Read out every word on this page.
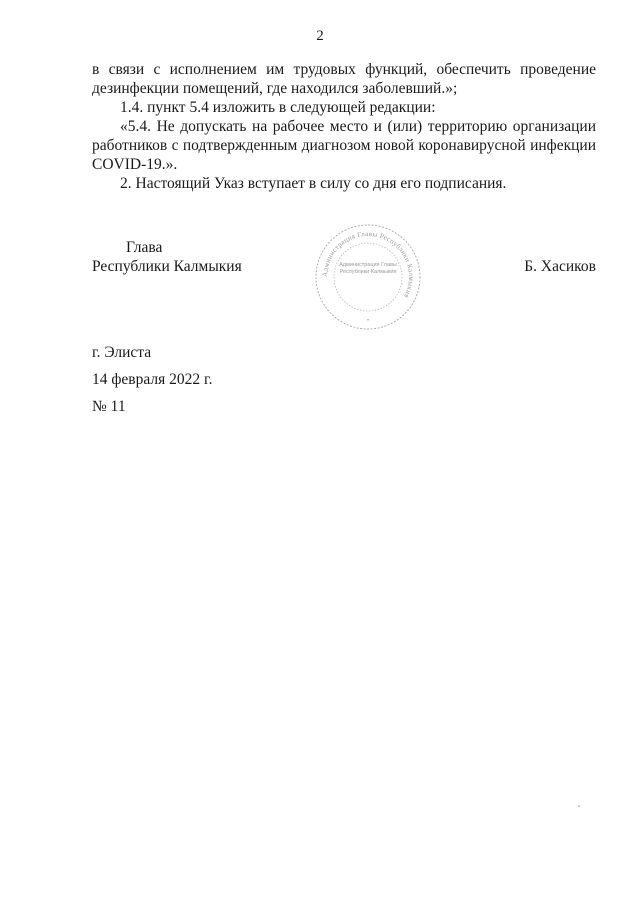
2

в связи с исполнением им трудовых функций, обеспечить проведение дезинфекции помещений, где находился заболевший.»;

1.4. пункт 5.4 изложить в следующей редакции:

«5.4. Не допускать на рабочее место и (или) территорию организации работников с подтвержденным диагнозом новой коронавирусной инфекции COVID-19.».

2. Настоящий Указ вступает в силу со дня его подписания.

Глава
Республики Калмыкия	Б. Хасиков
Администрация Главы Республики Калмыкия
Администрация Главы Республики Калмыкия
•
г. Элиста
14 февраля 2022 г.
№ 11
